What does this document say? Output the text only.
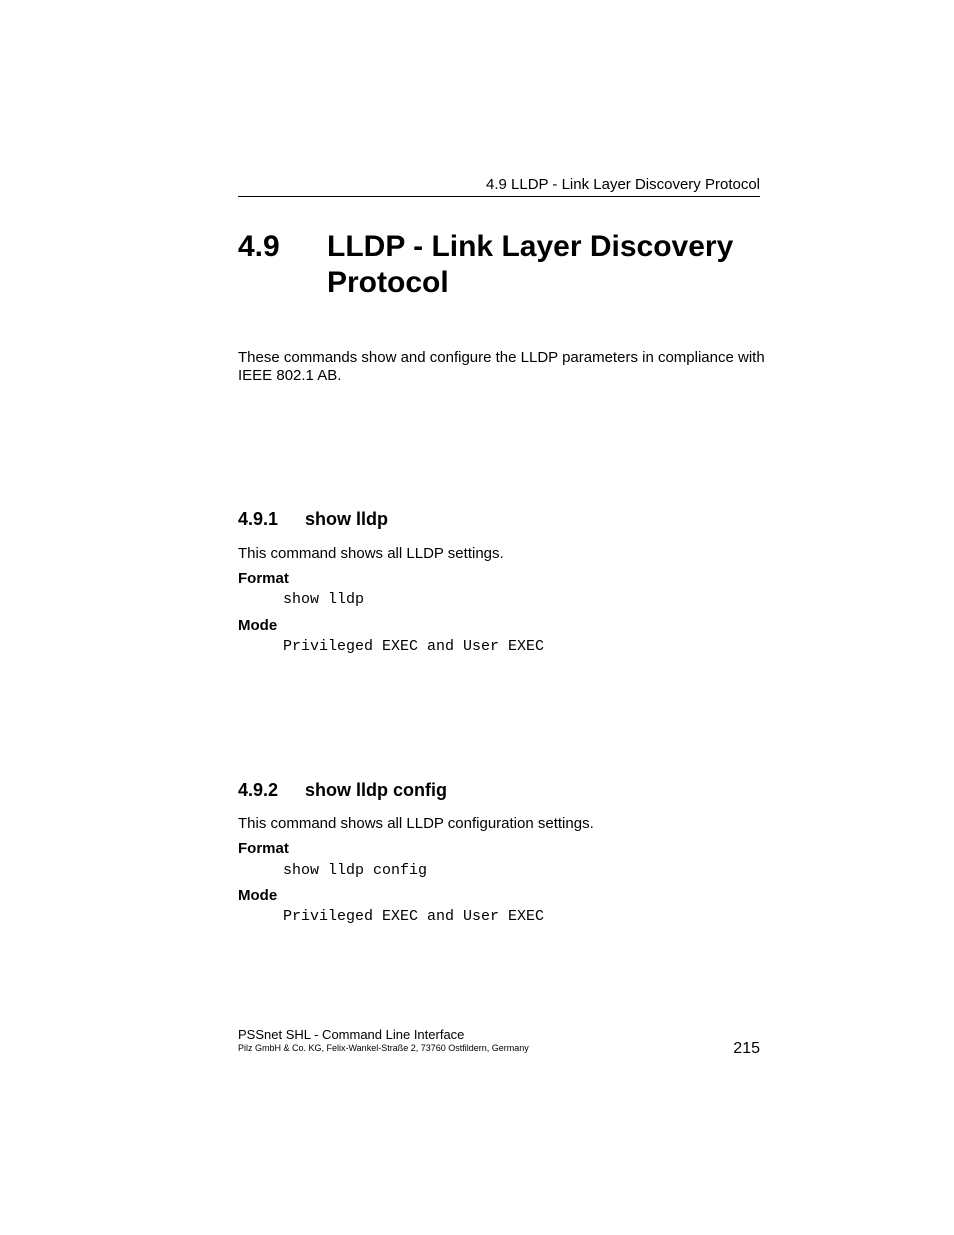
4.9 LLDP - Link Layer Discovery Protocol
4.9 LLDP - Link Layer Discovery Protocol
These commands show and configure the LLDP parameters in compliance with IEEE 802.1 AB.
4.9.1 show lldp
This command shows all LLDP settings.
Format
show lldp
Mode
Privileged EXEC and User EXEC
4.9.2 show lldp config
This command shows all LLDP configuration settings.
Format
show lldp config
Mode
Privileged EXEC and User EXEC
PSSnet SHL - Command Line Interface
Pilz GmbH & Co. KG, Felix-Wankel-Straße 2, 73760 Ostfildern, Germany	215
